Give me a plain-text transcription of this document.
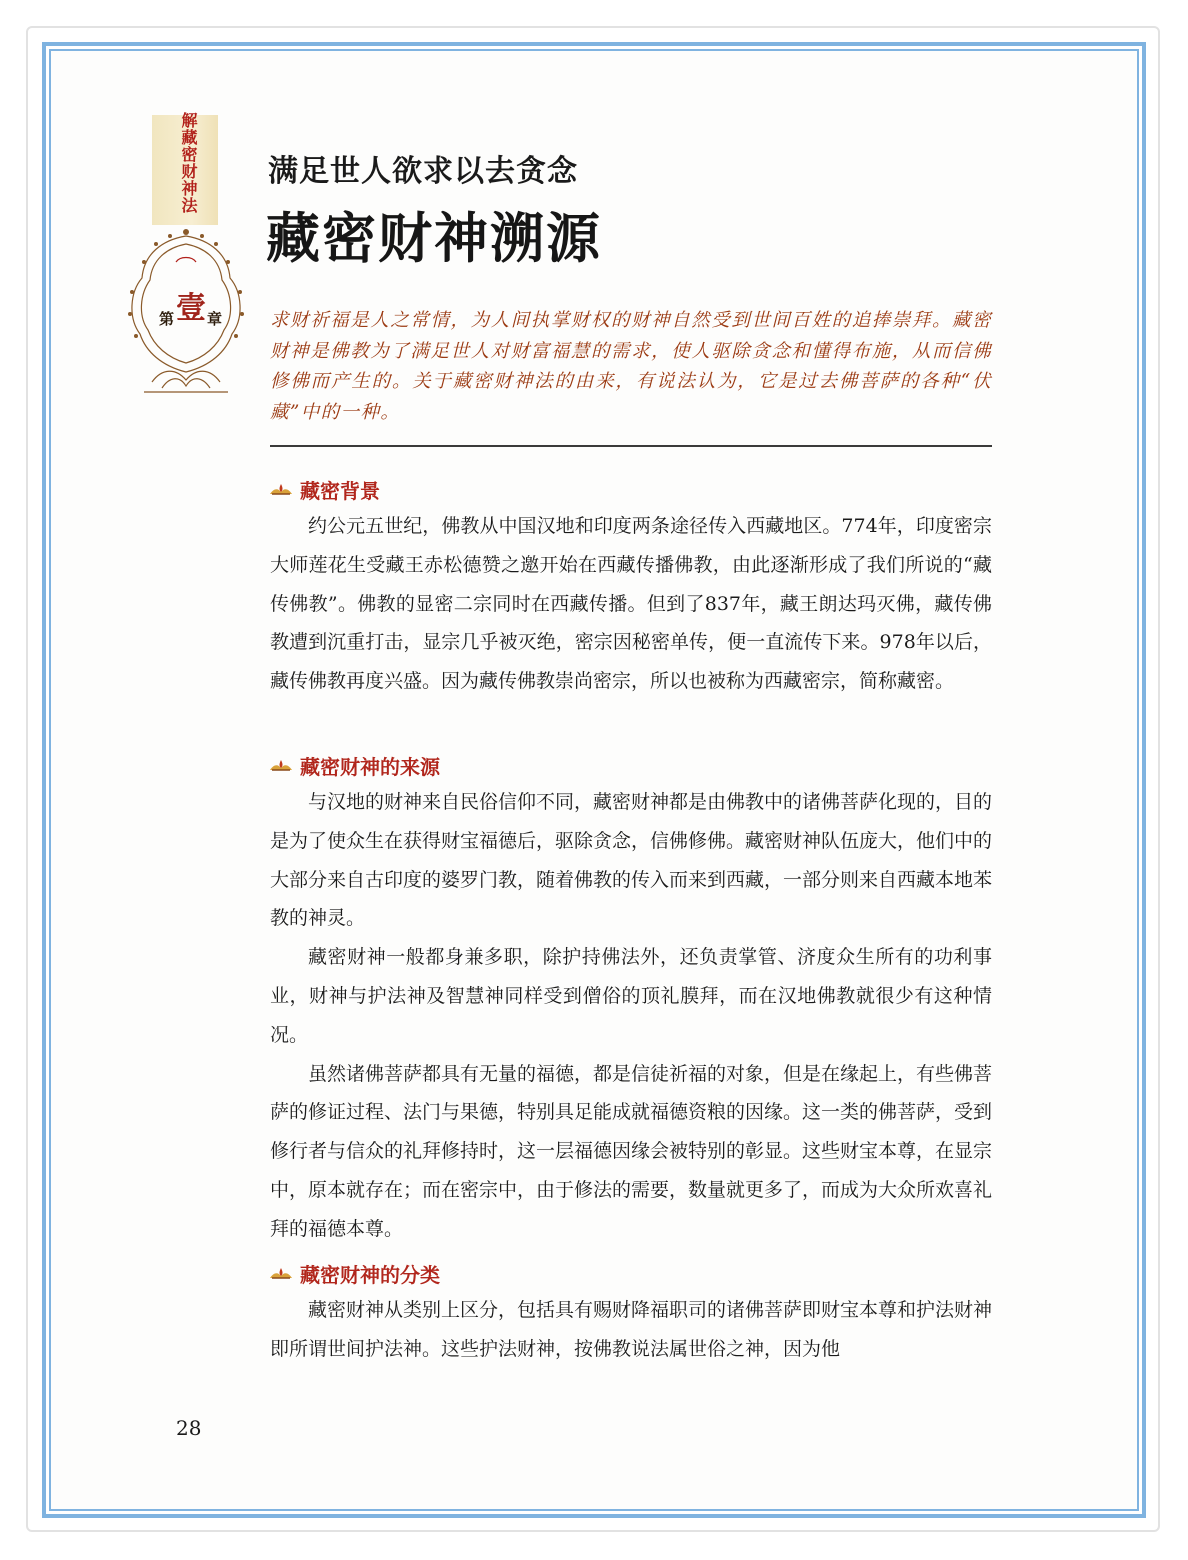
解藏密财神法
第 壹 章
满足世人欲求以去贪念
藏密财神溯源
求财祈福是人之常情，为人间执掌财权的财神自然受到世间百姓的追捧崇拜。藏密财神是佛教为了满足世人对财富福慧的需求，使人驱除贪念和懂得布施，从而信佛修佛而产生的。关于藏密财神法的由来，有说法认为，它是过去佛菩萨的各种“伏藏”中的一种。
藏密背景

约公元五世纪，佛教从中国汉地和印度两条途径传入西藏地区。774年，印度密宗大师莲花生受藏王赤松德赞之邀开始在西藏传播佛教，由此逐渐形成了我们所说的“藏传佛教”。佛教的显密二宗同时在西藏传播。但到了837年，藏王朗达玛灭佛，藏传佛教遭到沉重打击，显宗几乎被灭绝，密宗因秘密单传，便一直流传下来。978年以后，藏传佛教再度兴盛。因为藏传佛教崇尚密宗，所以也被称为西藏密宗，简称藏密。

藏密财神的来源

与汉地的财神来自民俗信仰不同，藏密财神都是由佛教中的诸佛菩萨化现的，目的是为了使众生在获得财宝福德后，驱除贪念，信佛修佛。藏密财神队伍庞大，他们中的大部分来自古印度的婆罗门教，随着佛教的传入而来到西藏，一部分则来自西藏本地苯教的神灵。

藏密财神一般都身兼多职，除护持佛法外，还负责掌管、济度众生所有的功利事业，财神与护法神及智慧神同样受到僧俗的顶礼膜拜，而在汉地佛教就很少有这种情况。

虽然诸佛菩萨都具有无量的福德，都是信徒祈福的对象，但是在缘起上，有些佛菩萨的修证过程、法门与果德，特别具足能成就福德资粮的因缘。这一类的佛菩萨，受到修行者与信众的礼拜修持时，这一层福德因缘会被特别的彰显。这些财宝本尊，在显宗中，原本就存在；而在密宗中，由于修法的需要，数量就更多了，而成为大众所欢喜礼拜的福德本尊。

藏密财神的分类

藏密财神从类别上区分，包括具有赐财降福职司的诸佛菩萨即财宝本尊和护法财神即所谓世间护法神。这些护法财神，按佛教说法属世俗之神，因为他

28
